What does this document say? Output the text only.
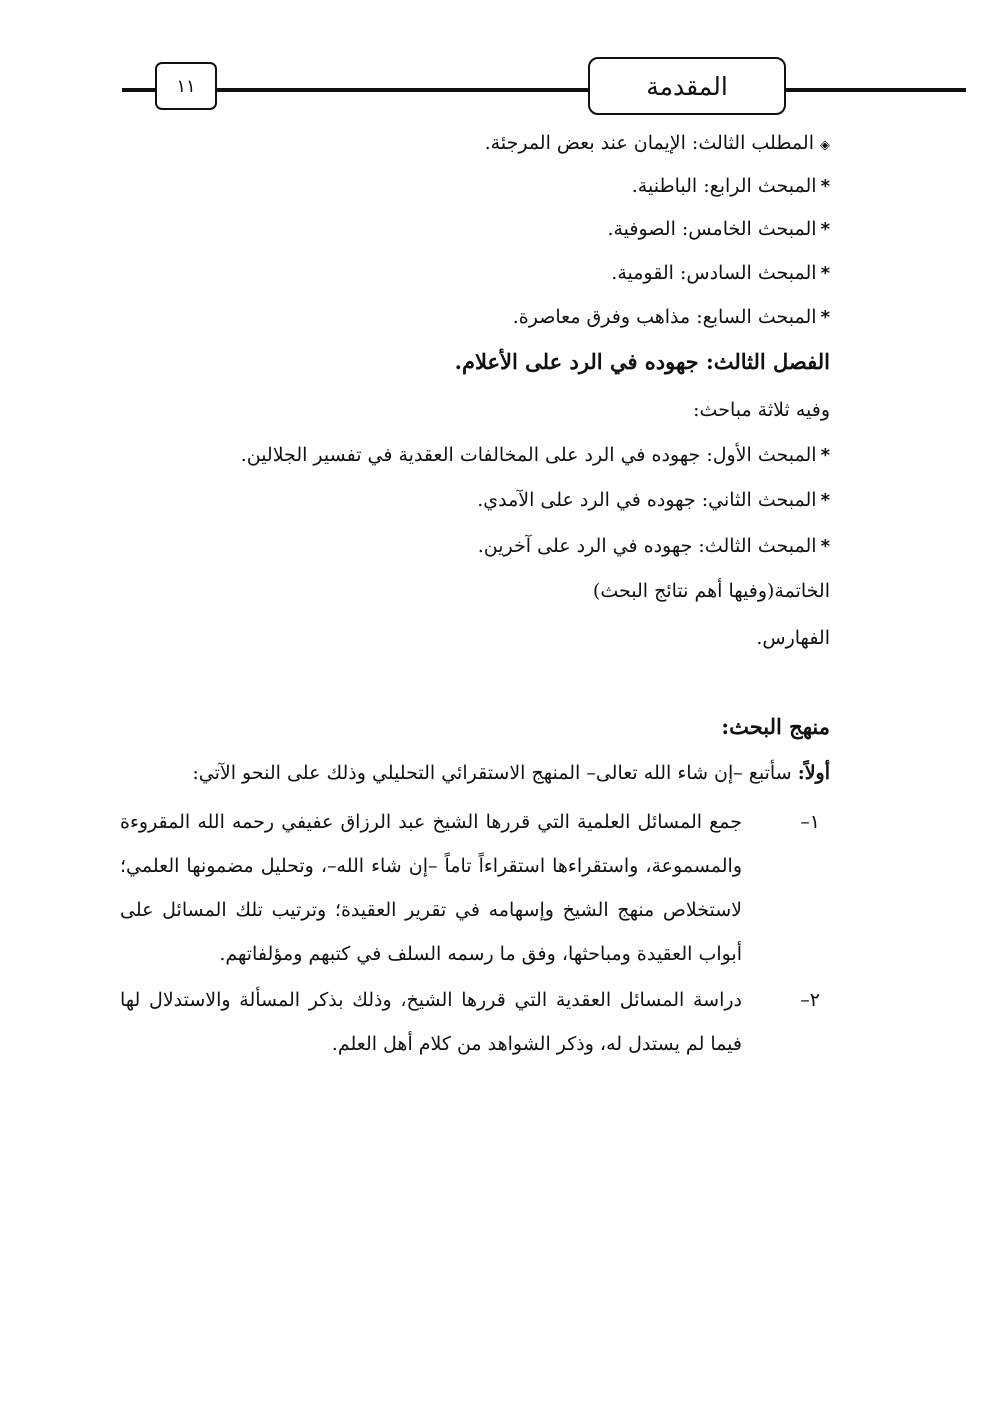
١١	المقدمة
◈المطلب الثالث: الإيمان عند بعض المرجئة.
*المبحث الرابع: الباطنية.
*المبحث الخامس: الصوفية.
*المبحث السادس: القومية.
*المبحث السابع: مذاهب وفرق معاصرة.
الفصل الثالث: جهوده في الرد على الأعلام.
وفيه ثلاثة مباحث:
*المبحث الأول: جهوده في الرد على المخالفات العقدية في تفسير الجلالين.
*المبحث الثاني: جهوده في الرد على الآمدي.
*المبحث الثالث: جهوده في الرد على آخرين.
الخاتمة(وفيها أهم نتائج البحث)
الفهارس.
منهج البحث:
أولاً: سأتبع –إن شاء الله تعالى– المنهج الاستقرائي التحليلي وذلك على النحو الآتي:
١–
جمع المسائل العلمية التي قررها الشيخ عبد الرزاق عفيفي رحمه الله المقروءة والمسموعة، واستقراءها استقراءاً تاماً –إن شاء الله–، وتحليل مضمونها العلمي؛ لاستخلاص منهج الشيخ وإسهامه في تقرير العقيدة؛ وترتيب تلك المسائل على أبواب العقيدة ومباحثها، وفق ما رسمه السلف في كتبهم ومؤلفاتهم.
٢–
دراسة المسائل العقدية التي قررها الشيخ، وذلك بذكر المسألة والاستدلال لها فيما لم يستدل له، وذكر الشواهد من كلام أهل العلم.
